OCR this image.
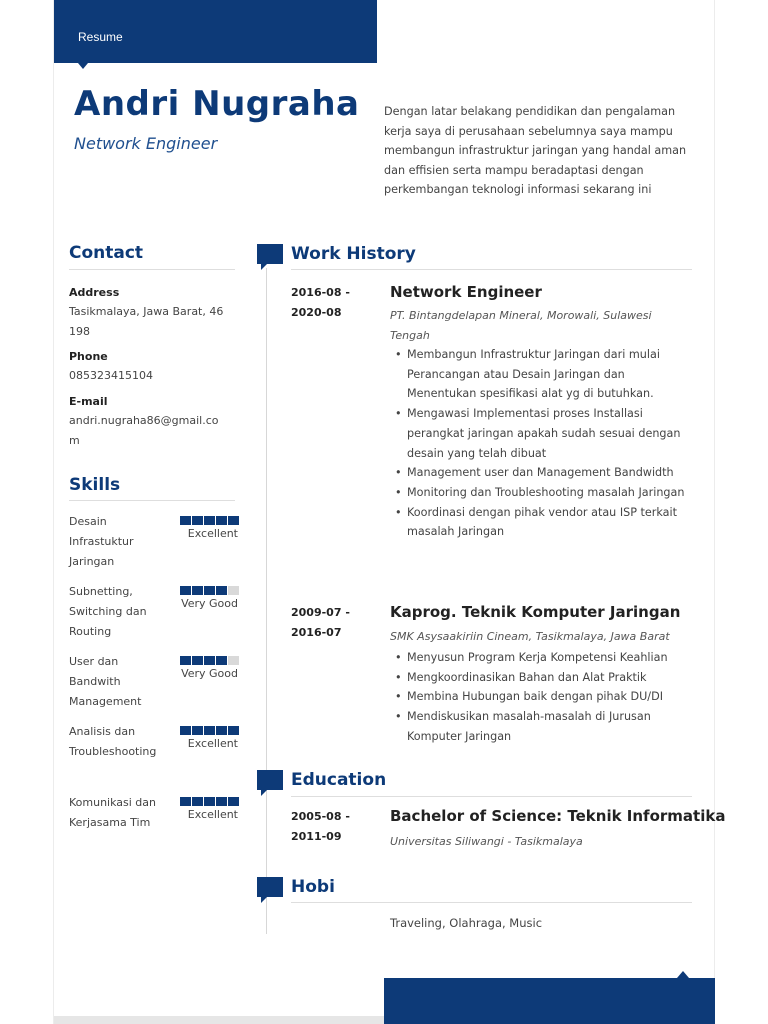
Resume
Andri Nugraha
Network Engineer
Dengan latar belakang pendidikan dan pengalaman kerja saya di perusahaan sebelumnya saya mampu membangun infrastruktur jaringan yang handal aman dan effisien serta mampu beradaptasi dengan perkembangan teknologi informasi sekarang ini
Contact
Address
Tasikmalaya, Jawa Barat, 46198
Phone
085323415104
E-mail
andri.nugraha86@gmail.com
Skills
Desain Infrastuktur Jaringan
Excellent
Subnetting, Switching dan Routing
Very Good
User dan Bandwith Management
Very Good
Analisis dan Troubleshooting
Excellent
Komunikasi dan Kerjasama Tim
Excellent
Work History
2016-08 - 2020-08
Network Engineer
PT. Bintangdelapan Mineral, Morowali, Sulawesi Tengah
• Membangun Infrastruktur Jaringan dari mulai Perancangan atau Desain Jaringan dan Menentukan spesifikasi alat yg di butuhkan.
• Mengawasi Implementasi proses Installasi perangkat jaringan apakah sudah sesuai dengan desain yang telah dibuat
• Management user dan Management Bandwidth
• Monitoring dan Troubleshooting masalah Jaringan
• Koordinasi dengan pihak vendor atau ISP terkait masalah Jaringan
2009-07 - 2016-07
Kaprog. Teknik Komputer Jaringan
SMK Asysaakiriin Cineam, Tasikmalaya, Jawa Barat
• Menyusun Program Kerja Kompetensi Keahlian
• Mengkoordinasikan Bahan dan Alat Praktik
• Membina Hubungan baik dengan pihak DU/DI
• Mendiskusikan masalah-masalah di Jurusan Komputer Jaringan
Education
2005-08 - 2011-09
Bachelor of Science: Teknik Informatika
Universitas Siliwangi - Tasikmalaya
Hobi
Traveling, Olahraga, Music
